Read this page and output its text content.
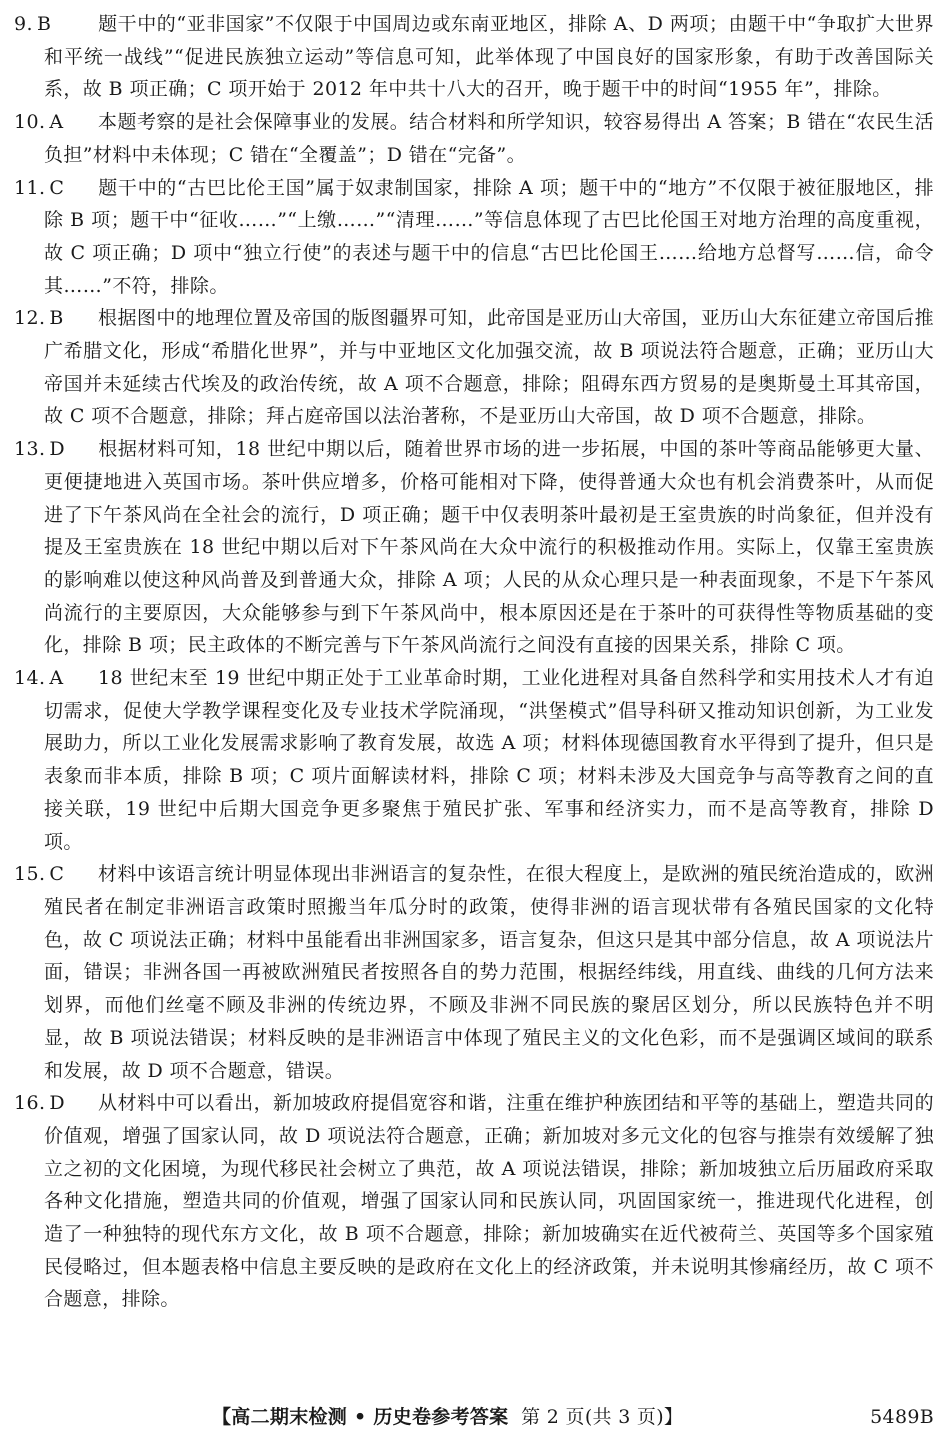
9. B	题干中的“亚非国家”不仅限于中国周边或东南亚地区，排除 A、D 两项；由题干中“争取扩大世界和平统一战线”“促进民族独立运动”等信息可知，此举体现了中国良好的国家形象，有助于改善国际关系，故 B 项正确；C 项开始于 2012 年中共十八大的召开，晚于题干中的时间“1955 年”，排除。
10. A	本题考察的是社会保障事业的发展。结合材料和所学知识，较容易得出 A 答案；B 错在“农民生活负担”材料中未体现；C 错在“全覆盖”；D 错在“完备”。
11. C	题干中的“古巴比伦王国”属于奴隶制国家，排除 A 项；题干中的“地方”不仅限于被征服地区，排除 B 项；题干中“征收……”“上缴……”“清理……”等信息体现了古巴比伦国王对地方治理的高度重视，故 C 项正确；D 项中“独立行使”的表述与题干中的信息“古巴比伦国王……给地方总督写……信，命令其……”不符，排除。
12. B	根据图中的地理位置及帝国的版图疆界可知，此帝国是亚历山大帝国，亚历山大东征建立帝国后推广希腊文化，形成“希腊化世界”，并与中亚地区文化加强交流，故 B 项说法符合题意，正确；亚历山大帝国并未延续古代埃及的政治传统，故 A 项不合题意，排除；阻碍东西方贸易的是奥斯曼土耳其帝国，故 C 项不合题意，排除；拜占庭帝国以法治著称，不是亚历山大帝国，故 D 项不合题意，排除。
13. D	根据材料可知，18 世纪中期以后，随着世界市场的进一步拓展，中国的茶叶等商品能够更大量、更便捷地进入英国市场。茶叶供应增多，价格可能相对下降，使得普通大众也有机会消费茶叶，从而促进了下午茶风尚在全社会的流行，D 项正确；题干中仅表明茶叶最初是王室贵族的时尚象征，但并没有提及王室贵族在 18 世纪中期以后对下午茶风尚在大众中流行的积极推动作用。实际上，仅靠王室贵族的影响难以使这种风尚普及到普通大众，排除 A 项；人民的从众心理只是一种表面现象，不是下午茶风尚流行的主要原因，大众能够参与到下午茶风尚中，根本原因还是在于茶叶的可获得性等物质基础的变化，排除 B 项；民主政体的不断完善与下午茶风尚流行之间没有直接的因果关系，排除 C 项。
14. A	18 世纪末至 19 世纪中期正处于工业革命时期，工业化进程对具备自然科学和实用技术人才有迫切需求，促使大学教学课程变化及专业技术学院涌现，“洪堡模式”倡导科研又推动知识创新，为工业发展助力，所以工业化发展需求影响了教育发展，故选 A 项；材料体现德国教育水平得到了提升，但只是表象而非本质，排除 B 项；C 项片面解读材料，排除 C 项；材料未涉及大国竞争与高等教育之间的直接关联，19 世纪中后期大国竞争更多聚焦于殖民扩张、军事和经济实力，而不是高等教育，排除 D 项。
15. C	材料中该语言统计明显体现出非洲语言的复杂性，在很大程度上，是欧洲的殖民统治造成的，欧洲殖民者在制定非洲语言政策时照搬当年瓜分时的政策，使得非洲的语言现状带有各殖民国家的文化特色，故 C 项说法正确；材料中虽能看出非洲国家多，语言复杂，但这只是其中部分信息，故 A 项说法片面，错误；非洲各国一再被欧洲殖民者按照各自的势力范围，根据经纬线，用直线、曲线的几何方法来划界，而他们丝毫不顾及非洲的传统边界，不顾及非洲不同民族的聚居区划分，所以民族特色并不明显，故 B 项说法错误；材料反映的是非洲语言中体现了殖民主义的文化色彩，而不是强调区域间的联系和发展，故 D 项不合题意，错误。
16. D	从材料中可以看出，新加坡政府提倡宽容和谐，注重在维护种族团结和平等的基础上，塑造共同的价值观，增强了国家认同，故 D 项说法符合题意，正确；新加坡对多元文化的包容与推崇有效缓解了独立之初的文化困境，为现代移民社会树立了典范，故 A 项说法错误，排除；新加坡独立后历届政府采取各种文化措施，塑造共同的价值观，增强了国家认同和民族认同，巩固国家统一，推进现代化进程，创造了一种独特的现代东方文化，故 B 项不合题意，排除；新加坡确实在近代被荷兰、英国等多个国家殖民侵略过，但本题表格中信息主要反映的是政府在文化上的经济政策，并未说明其惨痛经历，故 C 项不合题意，排除。
【高二期末检测 • 历史卷参考答案 第 2 页(共 3 页)】	5489B
